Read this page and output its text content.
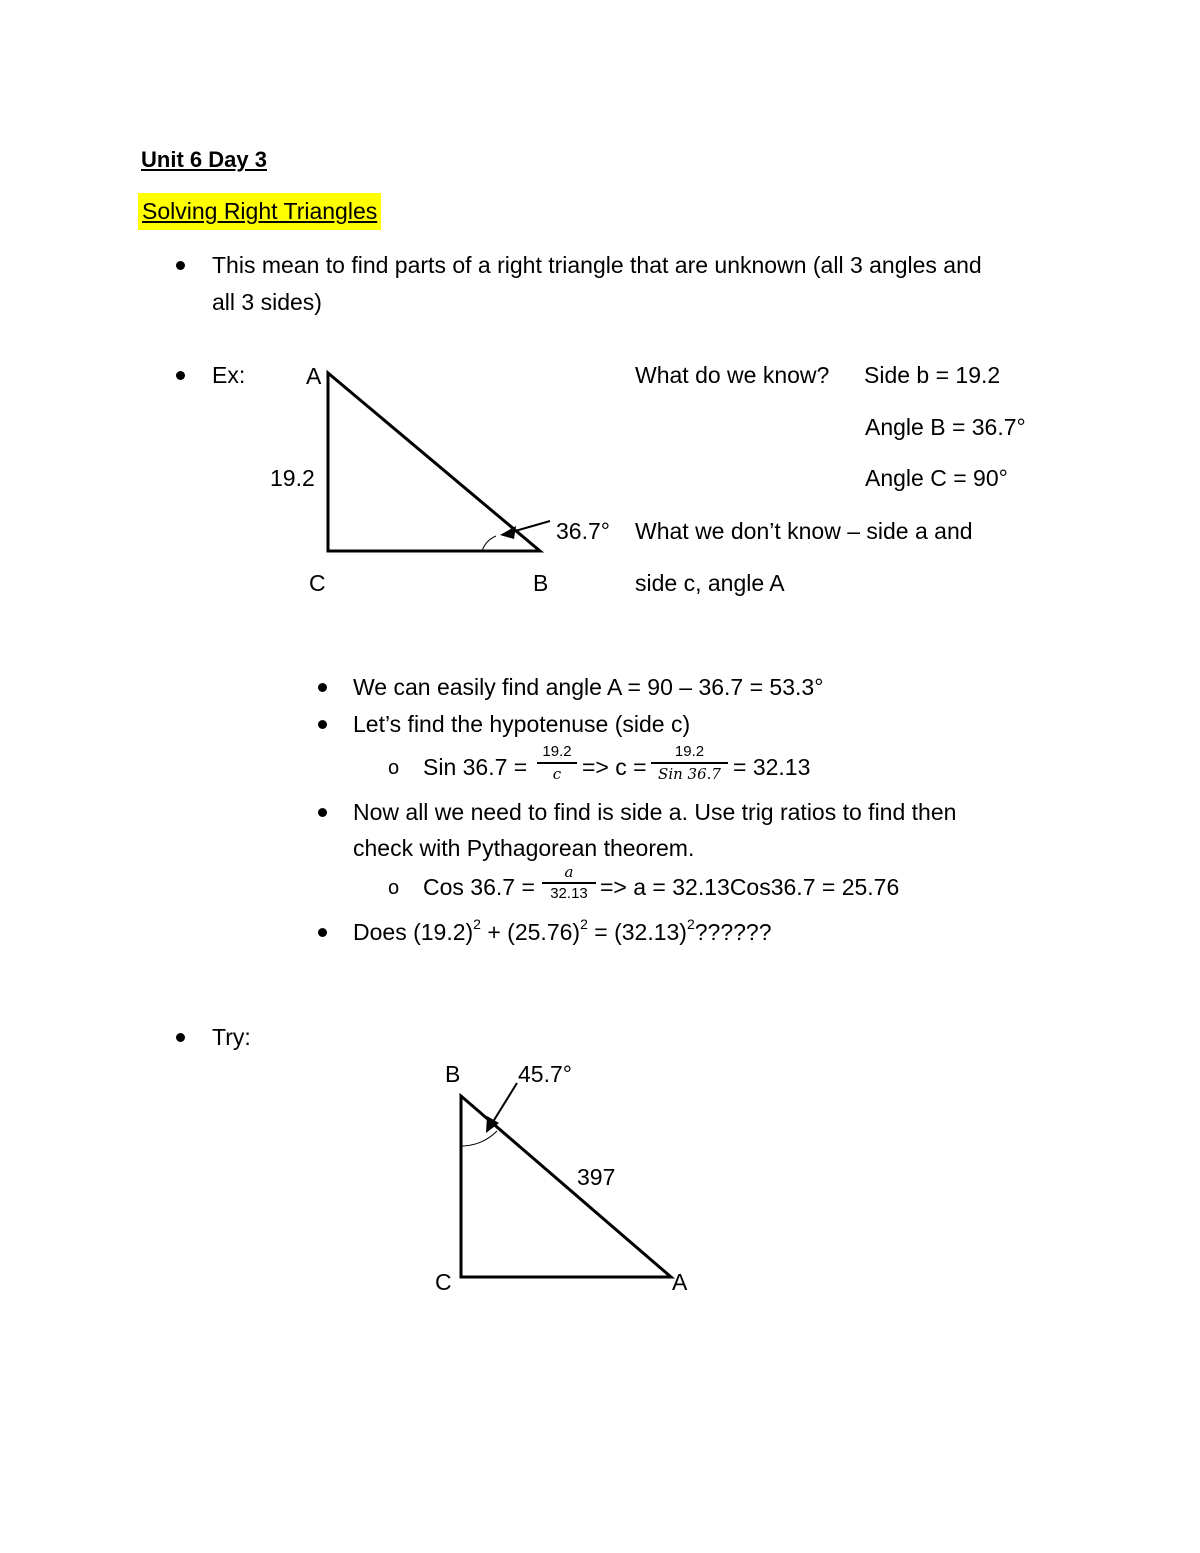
Unit 6 Day 3
Solving Right Triangles
This mean to find parts of a right triangle that are unknown (all 3 angles and
all 3 sides)
Ex:	A
19.2
36.7°
C	B
What do we know? Side b = 19.2
Angle B = 36.7°
Angle C = 90°
What we don’t know – side a and
side c, angle A
We can easily find angle A = 90 – 36.7 = 53.3°
Let’s find the hypotenuse (side c)
o Sin 36.7 =
19.2
c => c =
19.2
Sin 36.7 = 32.13
Now all we need to find is side a. Use trig ratios to find then
check with Pythagorean theorem.
o Cos 36.7 =
a
32.13 => a = 32.13Cos36.7 = 25.76
Does $(19.2)^2 + (25.76)^2 = (32.13)^2$??????
Try:
B	45.7°
397
C	A
